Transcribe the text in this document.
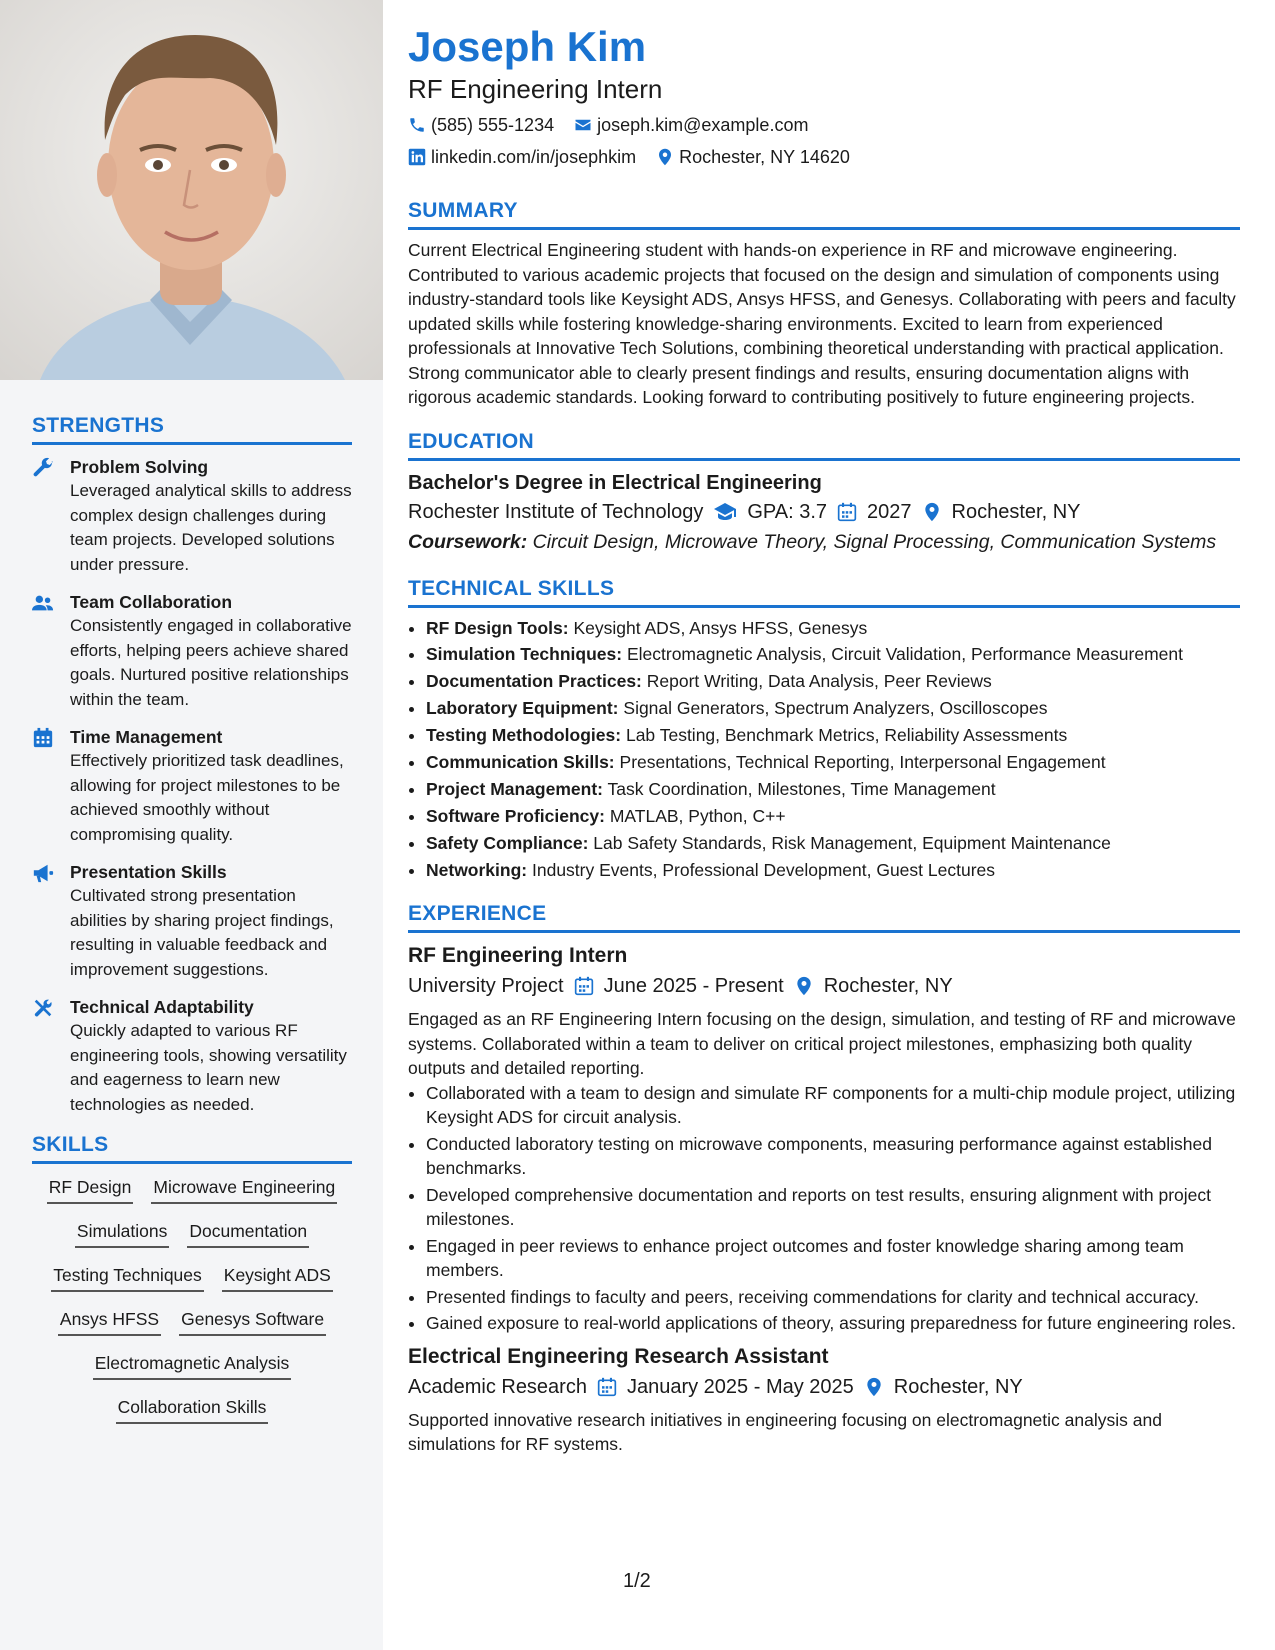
STRENGTHS
Problem Solving
Leveraged analytical skills to address complex design challenges during team projects. Developed solutions under pressure.
Team Collaboration
Consistently engaged in collaborative efforts, helping peers achieve shared goals. Nurtured positive relationships within the team.
Time Management
Effectively prioritized task deadlines, allowing for project milestones to be achieved smoothly without compromising quality.
Presentation Skills
Cultivated strong presentation abilities by sharing project findings, resulting in valuable feedback and improvement suggestions.
Technical Adaptability
Quickly adapted to various RF engineering tools, showing versatility and eagerness to learn new technologies as needed.
SKILLS
RF Design Microwave Engineering
Simulations Documentation
Testing Techniques Keysight ADS
Ansys HFSS Genesys Software
Electromagnetic Analysis
Collaboration Skills
Joseph Kim
RF Engineering Intern
(585) 555-1234 joseph.kim@example.com
linkedin.com/in/josephkim Rochester, NY 14620
SUMMARY
Current Electrical Engineering student with hands-on experience in RF and microwave engineering. Contributed to various academic projects that focused on the design and simulation of components using industry-standard tools like Keysight ADS, Ansys HFSS, and Genesys. Collaborating with peers and faculty updated skills while fostering knowledge-sharing environments. Excited to learn from experienced professionals at Innovative Tech Solutions, combining theoretical understanding with practical application. Strong communicator able to clearly present findings and results, ensuring documentation aligns with rigorous academic standards. Looking forward to contributing positively to future engineering projects.
EDUCATION
Bachelor's Degree in Electrical Engineering
Rochester Institute of Technology GPA: 3.7 2027 Rochester, NY
Coursework: Circuit Design, Microwave Theory, Signal Processing, Communication Systems
TECHNICAL SKILLS
• RF Design Tools: Keysight ADS, Ansys HFSS, Genesys
• Simulation Techniques: Electromagnetic Analysis, Circuit Validation, Performance Measurement
• Documentation Practices: Report Writing, Data Analysis, Peer Reviews
• Laboratory Equipment: Signal Generators, Spectrum Analyzers, Oscilloscopes
• Testing Methodologies: Lab Testing, Benchmark Metrics, Reliability Assessments
• Communication Skills: Presentations, Technical Reporting, Interpersonal Engagement
• Project Management: Task Coordination, Milestones, Time Management
• Software Proficiency: MATLAB, Python, C++
• Safety Compliance: Lab Safety Standards, Risk Management, Equipment Maintenance
• Networking: Industry Events, Professional Development, Guest Lectures
EXPERIENCE
RF Engineering Intern
University Project June 2025 - Present Rochester, NY
Engaged as an RF Engineering Intern focusing on the design, simulation, and testing of RF and microwave systems. Collaborated within a team to deliver on critical project milestones, emphasizing both quality outputs and detailed reporting.
• Collaborated with a team to design and simulate RF components for a multi-chip module project, utilizing Keysight ADS for circuit analysis.
• Conducted laboratory testing on microwave components, measuring performance against established benchmarks.
• Developed comprehensive documentation and reports on test results, ensuring alignment with project milestones.
• Engaged in peer reviews to enhance project outcomes and foster knowledge sharing among team members.
• Presented findings to faculty and peers, receiving commendations for clarity and technical accuracy.
• Gained exposure to real-world applications of theory, assuring preparedness for future engineering roles.
Electrical Engineering Research Assistant
Academic Research January 2025 - May 2025 Rochester, NY
Supported innovative research initiatives in engineering focusing on electromagnetic analysis and simulations for RF systems.
1/2
